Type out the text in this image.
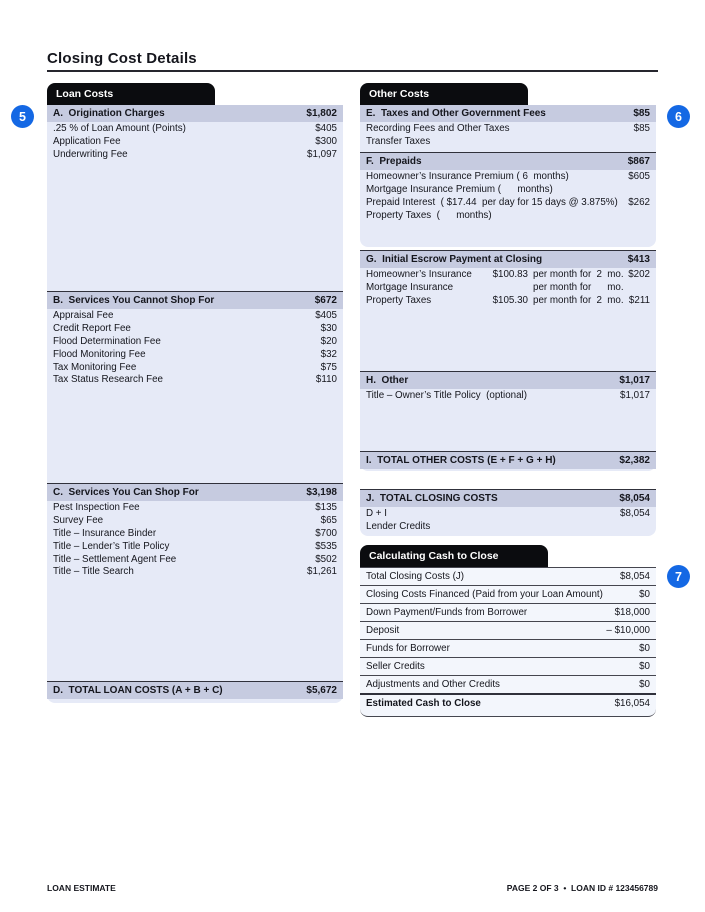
Closing Cost Details
5	6
7
Loan Costs
A.  Origination Charges	$1,802
.25 % of Loan Amount (Points)	$405
Application Fee	$300
Underwriting Fee	$1,097
B.  Services You Cannot Shop For	$672
Appraisal Fee	$405
Credit Report Fee	$30
Flood Determination Fee	$20
Flood Monitoring Fee	$32
Tax Monitoring Fee	$75
Tax Status Research Fee	$110
C.  Services You Can Shop For	$3,198
Pest Inspection Fee	$135
Survey Fee	$65
Title – Insurance Binder	$700
Title – Lender’s Title Policy	$535
Title – Settlement Agent Fee	$502
Title – Title Search	$1,261
D.  TOTAL LOAN COSTS (A + B + C)	$5,672
Other Costs
E.  Taxes and Other Government Fees	$85
Recording Fees and Other Taxes	$85
Transfer Taxes
F.  Prepaids	$867
Homeowner’s Insurance Premium ( 6  months)	$605
Mortgage Insurance Premium (      months)
Prepaid Interest  ( $17.44  per day for 15 days @ 3.875%)	$262
Property Taxes  (      months)
G.  Initial Escrow Payment at Closing	$413
Homeowner’s Insurance	$100.83 per month for 2 mo. $202
Mortgage Insurance	per month for mo.
Property Taxes	$105.30 per month for 2 mo. $211
H.  Other	$1,017
Title – Owner’s Title Policy  (optional)	$1,017
I.  TOTAL OTHER COSTS (E + F + G + H)	$2,382
J.  TOTAL CLOSING COSTS	$8,054
D + I	$8,054
Lender Credits
Calculating Cash to Close
Total Closing Costs (J)	$8,054
Closing Costs Financed (Paid from your Loan Amount)	$0
Down Payment/Funds from Borrower	$18,000
Deposit	– $10,000
Funds for Borrower	$0
Seller Credits	$0
Adjustments and Other Credits	$0
Estimated Cash to Close	$16,054
LOAN ESTIMATE	PAGE 2 OF 3  •  LOAN ID # 123456789
